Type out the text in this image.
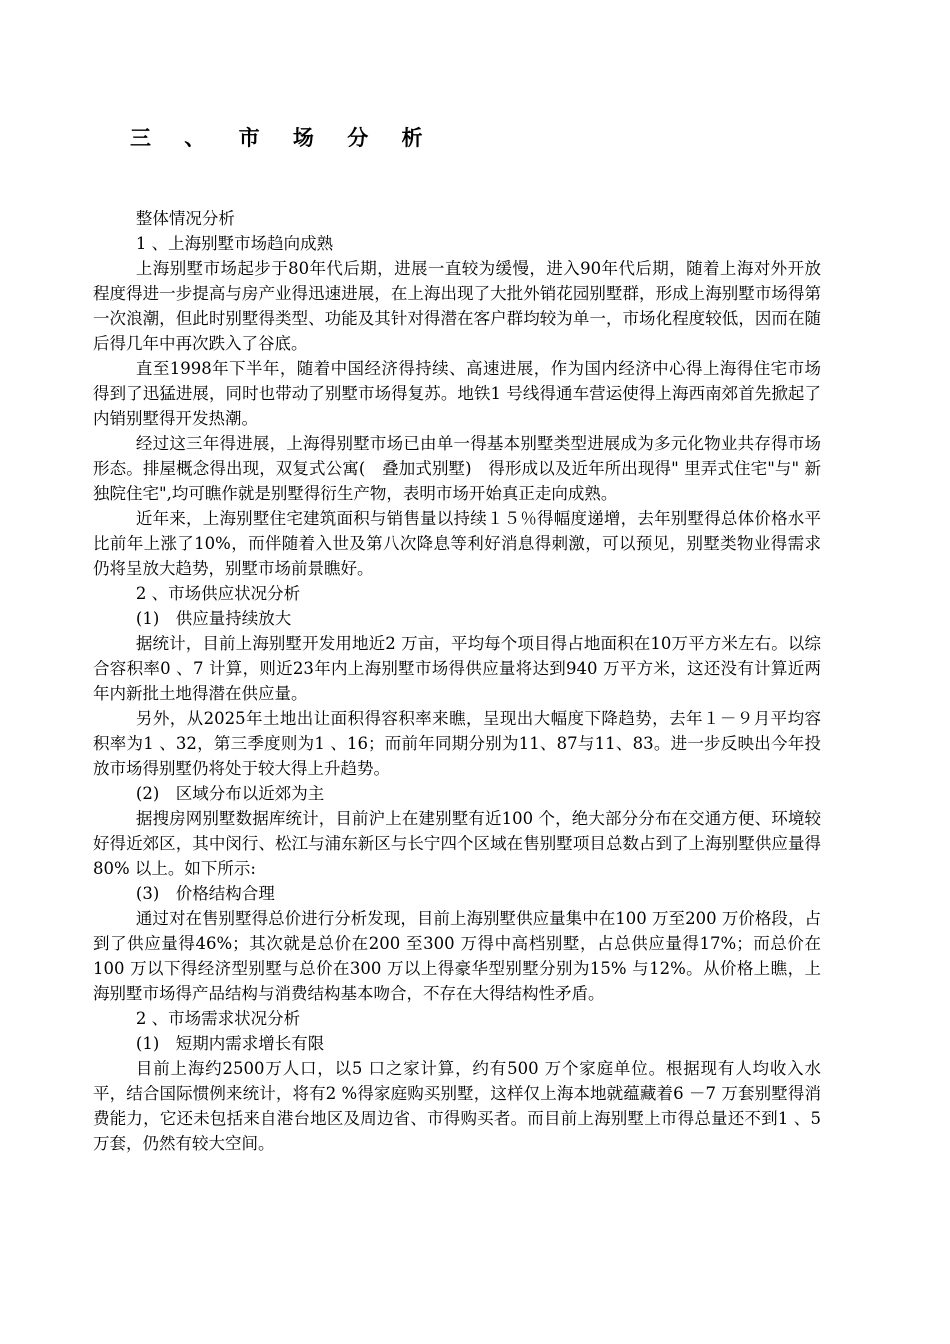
三 、 市 场 分 析

整体情况分析

1 、上海别墅市场趋向成熟

上海别墅市场起步于80年代后期，进展一直较为缓慢，进入90年代后期，随着上海对外开放程度得进一步提高与房产业得迅速进展，在上海出现了大批外销花园别墅群，形成上海别墅市场得第一次浪潮，但此时别墅得类型、功能及其针对得潜在客户群均较为单一，市场化程度较低，因而在随后得几年中再次跌入了谷底。

直至1998年下半年，随着中国经济得持续、高速进展，作为国内经济中心得上海得住宅市场得到了迅猛进展，同时也带动了别墅市场得复苏。地铁1 号线得通车营运使得上海西南郊首先掀起了内销别墅得开发热潮。

经过这三年得进展，上海得别墅市场已由单一得基本别墅类型进展成为多元化物业共存得市场形态。排屋概念得出现，双复式公寓(　叠加式别墅)　得形成以及近年所出现得" 里弄式住宅"与" 新独院住宅",均可瞧作就是别墅得衍生产物，表明市场开始真正走向成熟。

近年来，上海别墅住宅建筑面积与销售量以持续１５％得幅度递增，去年别墅得总体价格水平比前年上涨了10%，而伴随着入世及第八次降息等利好消息得刺激，可以预见，别墅类物业得需求仍将呈放大趋势，别墅市场前景瞧好。

2 、市场供应状况分析

(1)　供应量持续放大

据统计，目前上海别墅开发用地近2 万亩，平均每个项目得占地面积在10万平方米左右。以综合容积率0 、7 计算，则近23年内上海别墅市场得供应量将达到940 万平方米，这还没有计算近两年内新批土地得潜在供应量。

另外，从2025年土地出让面积得容积率来瞧，呈现出大幅度下降趋势，去年１－９月平均容积率为1 、32，第三季度则为1 、16；而前年同期分别为11、87与11、83。进一步反映出今年投放市场得别墅仍将处于较大得上升趋势。

(2)　区域分布以近郊为主

据搜房网别墅数据库统计，目前沪上在建别墅有近100 个，绝大部分分布在交通方便、环境较好得近郊区，其中闵行、松江与浦东新区与长宁四个区域在售别墅项目总数占到了上海别墅供应量得80% 以上。如下所示:

(3)　价格结构合理

通过对在售别墅得总价进行分析发现，目前上海别墅供应量集中在100 万至200 万价格段，占到了供应量得46%；其次就是总价在200 至300 万得中高档别墅，占总供应量得17%；而总价在100 万以下得经济型别墅与总价在300 万以上得豪华型别墅分别为15% 与12%。从价格上瞧，上海别墅市场得产品结构与消费结构基本吻合，不存在大得结构性矛盾。

2 、市场需求状况分析

(1)　短期内需求增长有限

目前上海约2500万人口，以5 口之家计算，约有500 万个家庭单位。根据现有人均收入水平，结合国际惯例来统计，将有2 %得家庭购买别墅，这样仅上海本地就蕴藏着6 －7 万套别墅得消费能力，它还未包括来自港台地区及周边省、市得购买者。而目前上海别墅上市得总量还不到1 、5 万套，仍然有较大空间。
